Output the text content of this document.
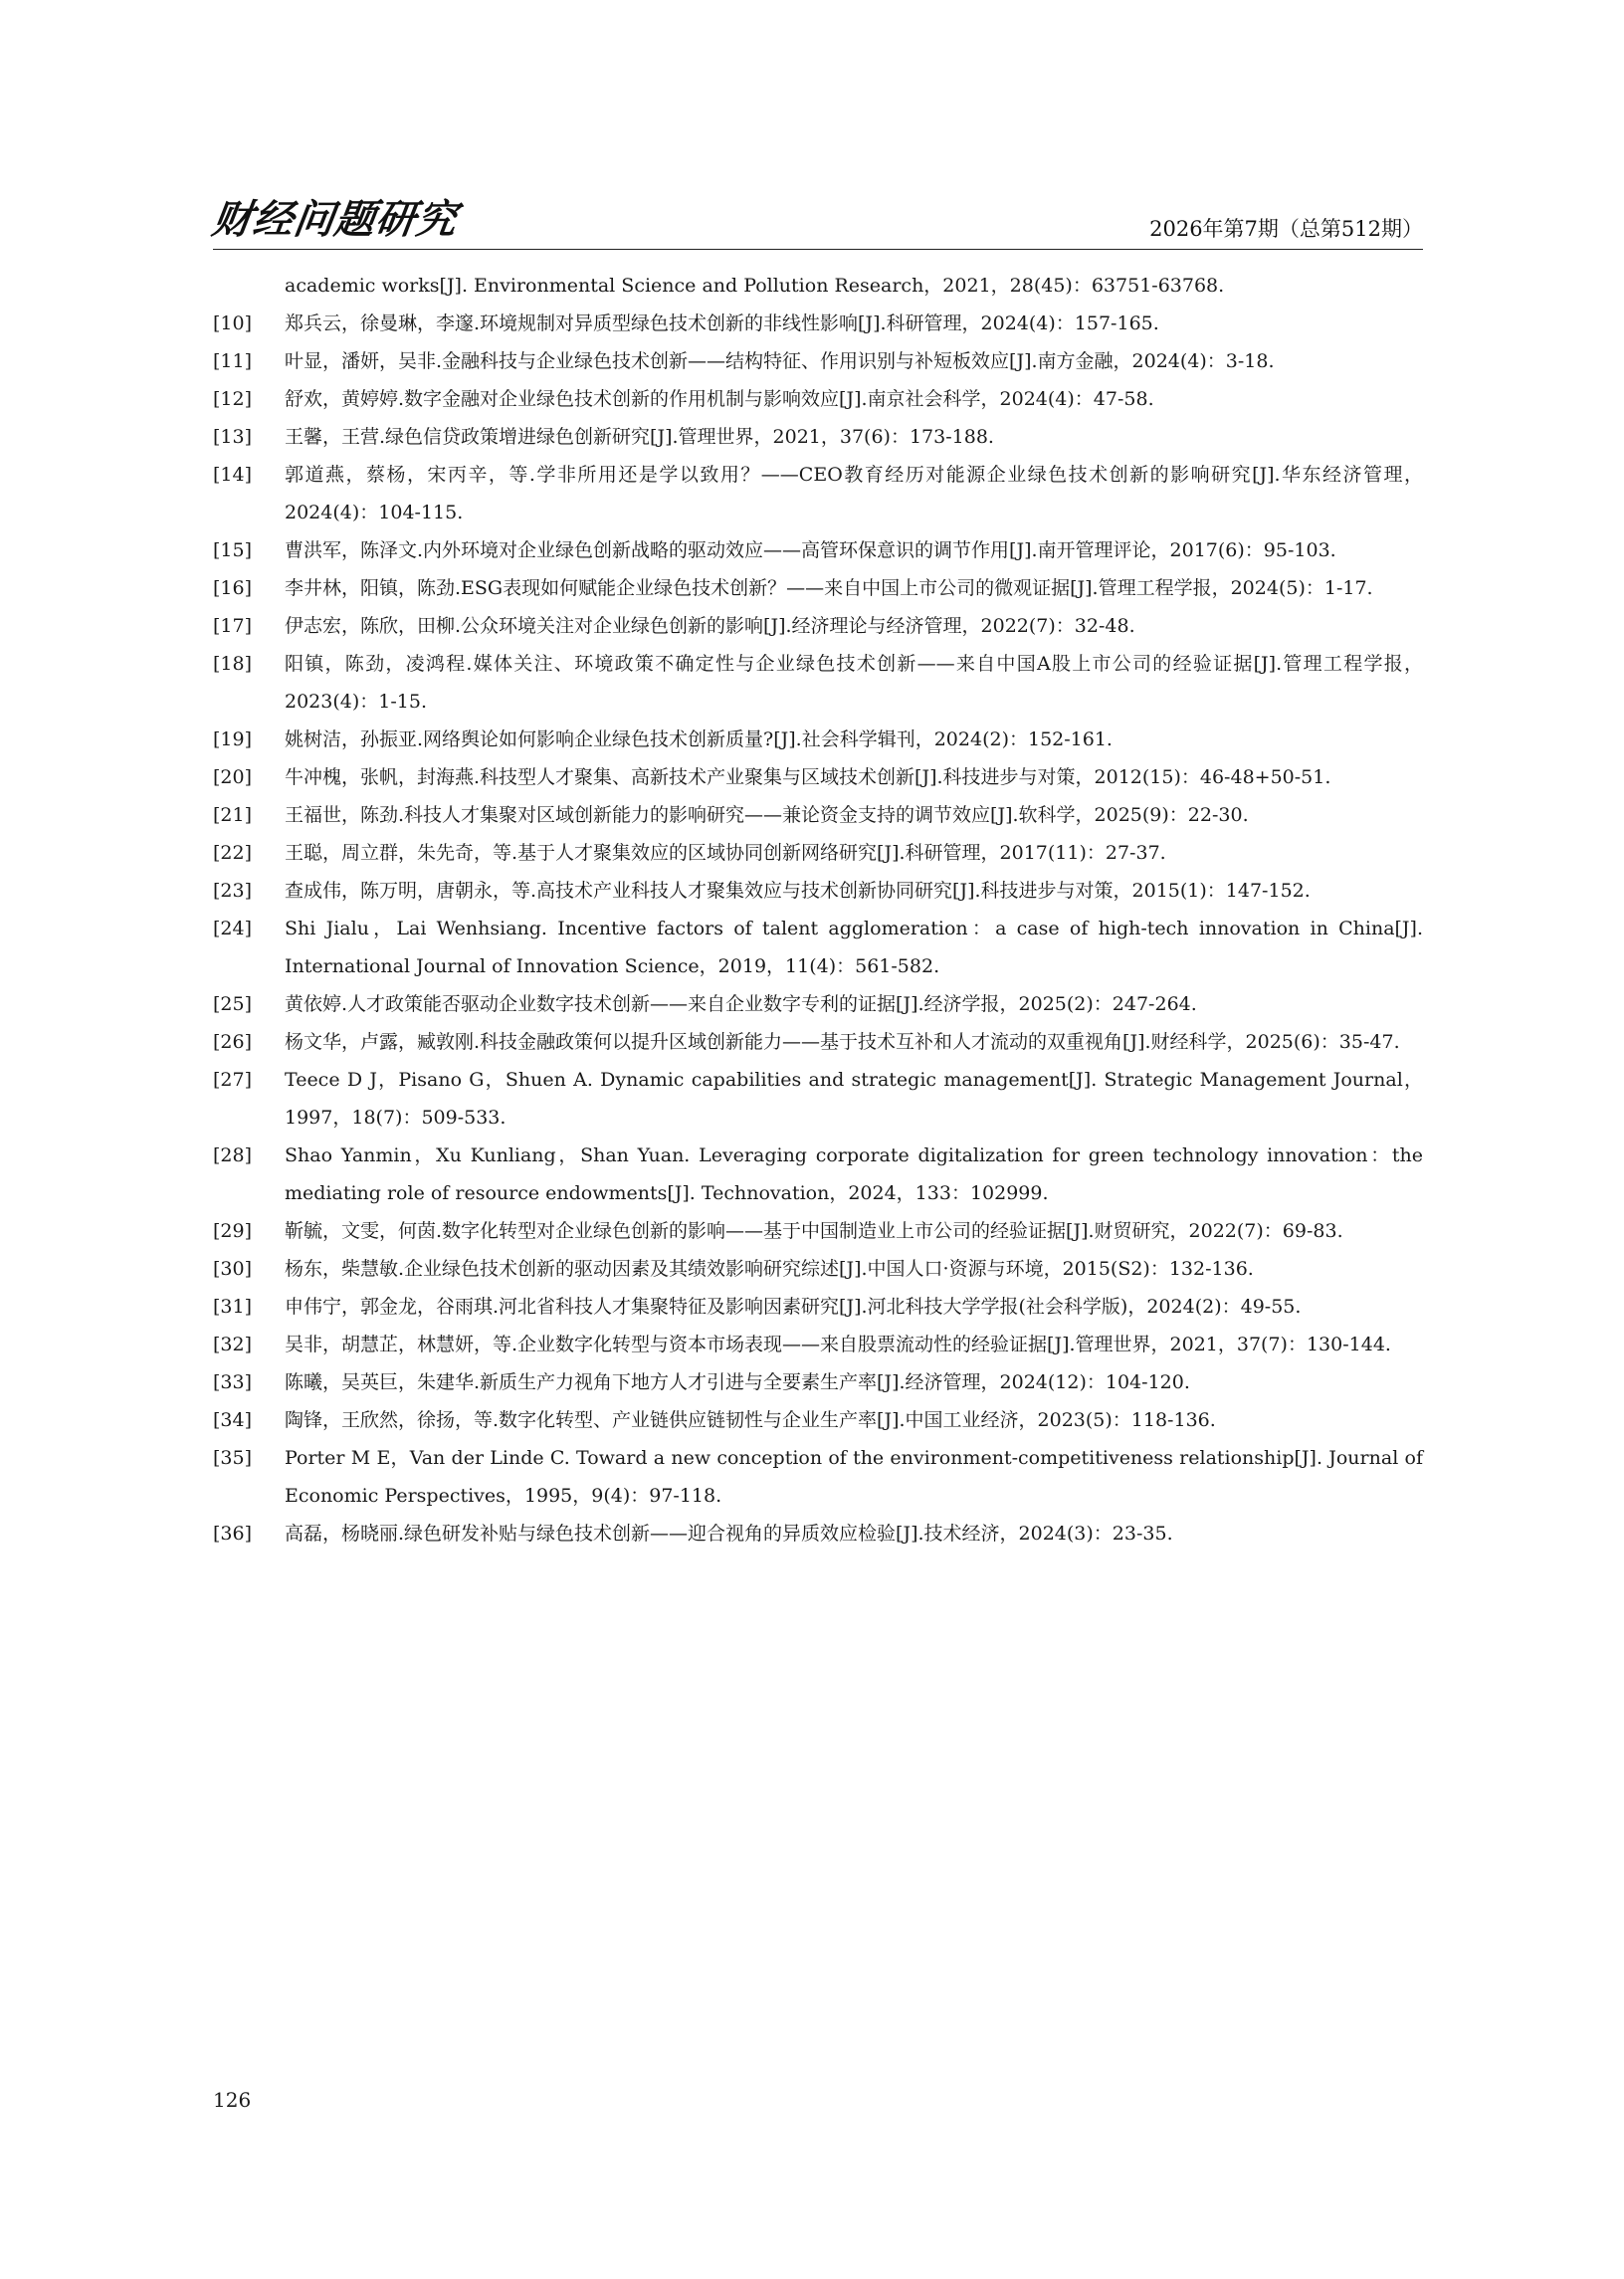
财经问题研究	2026年第7期（总第512期）
academic works[J]. Environmental Science and Pollution Research，2021，28(45)：63751-63768.
[10]	郑兵云，徐曼琳，李邃.环境规制对异质型绿色技术创新的非线性影响[J].科研管理，2024(4)：157-165.
[11]	叶显，潘妍，吴非.金融科技与企业绿色技术创新——结构特征、作用识别与补短板效应[J].南方金融，2024(4)：3-18.
[12]	舒欢，黄婷婷.数字金融对企业绿色技术创新的作用机制与影响效应[J].南京社会科学，2024(4)：47-58.
[13]	王馨，王营.绿色信贷政策增进绿色创新研究[J].管理世界，2021，37(6)：173-188.
[14]	郭道燕，蔡杨，宋丙辛，等.学非所用还是学以致用？——CEO教育经历对能源企业绿色技术创新的影响研究[J].华东经济管理，2024(4)：104-115.
[15]	曹洪军，陈泽文.内外环境对企业绿色创新战略的驱动效应——高管环保意识的调节作用[J].南开管理评论，2017(6)：95-103.
[16]	李井林，阳镇，陈劲.ESG表现如何赋能企业绿色技术创新？——来自中国上市公司的微观证据[J].管理工程学报，2024(5)：1-17.
[17]	伊志宏，陈欣，田柳.公众环境关注对企业绿色创新的影响[J].经济理论与经济管理，2022(7)：32-48.
[18]	阳镇，陈劲，凌鸿程.媒体关注、环境政策不确定性与企业绿色技术创新——来自中国A股上市公司的经验证据[J].管理工程学报，2023(4)：1-15.
[19]	姚树洁，孙振亚.网络舆论如何影响企业绿色技术创新质量?[J].社会科学辑刊，2024(2)：152-161.
[20]	牛冲槐，张帆，封海燕.科技型人才聚集、高新技术产业聚集与区域技术创新[J].科技进步与对策，2012(15)：46-48+50-51.
[21]	王福世，陈劲.科技人才集聚对区域创新能力的影响研究——兼论资金支持的调节效应[J].软科学，2025(9)：22-30.
[22]	王聪，周立群，朱先奇，等.基于人才聚集效应的区域协同创新网络研究[J].科研管理，2017(11)：27-37.
[23]	查成伟，陈万明，唐朝永，等.高技术产业科技人才聚集效应与技术创新协同研究[J].科技进步与对策，2015(1)：147-152.
[24]	Shi Jialu，Lai Wenhsiang. Incentive factors of talent agglomeration：a case of high-tech innovation in China[J]. International Journal of Innovation Science，2019，11(4)：561-582.
[25]	黄依婷.人才政策能否驱动企业数字技术创新——来自企业数字专利的证据[J].经济学报，2025(2)：247-264.
[26]	杨文华，卢露，臧敦刚.科技金融政策何以提升区域创新能力——基于技术互补和人才流动的双重视角[J].财经科学，2025(6)：35-47.
[27]	Teece D J，Pisano G，Shuen A. Dynamic capabilities and strategic management[J]. Strategic Management Journal，1997，18(7)：509-533.
[28]	Shao Yanmin，Xu Kunliang，Shan Yuan. Leveraging corporate digitalization for green technology innovation：the mediating role of resource endowments[J]. Technovation，2024，133：102999.
[29]	靳毓，文雯，何茵.数字化转型对企业绿色创新的影响——基于中国制造业上市公司的经验证据[J].财贸研究，2022(7)：69-83.
[30]	杨东，柴慧敏.企业绿色技术创新的驱动因素及其绩效影响研究综述[J].中国人口·资源与环境，2015(S2)：132-136.
[31]	申伟宁，郭金龙，谷雨琪.河北省科技人才集聚特征及影响因素研究[J].河北科技大学学报(社会科学版)，2024(2)：49-55.
[32]	吴非，胡慧芷，林慧妍，等.企业数字化转型与资本市场表现——来自股票流动性的经验证据[J].管理世界，2021，37(7)：130-144.
[33]	陈曦，吴英巨，朱建华.新质生产力视角下地方人才引进与全要素生产率[J].经济管理，2024(12)：104-120.
[34]	陶锋，王欣然，徐扬，等.数字化转型、产业链供应链韧性与企业生产率[J].中国工业经济，2023(5)：118-136.
[35]	Porter M E，Van der Linde C. Toward a new conception of the environment-competitiveness relationship[J]. Journal of Economic Perspectives，1995，9(4)：97-118.
[36]	高磊，杨晓丽.绿色研发补贴与绿色技术创新——迎合视角的异质效应检验[J].技术经济，2024(3)：23-35.
126
